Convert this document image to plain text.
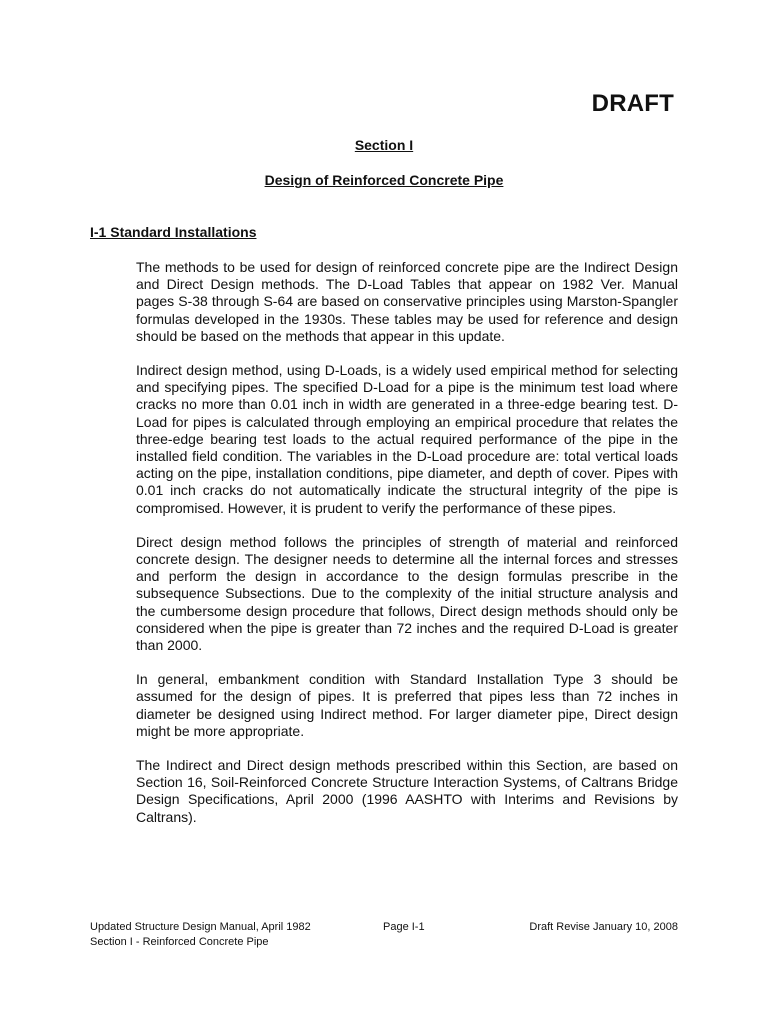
DRAFT
Section I
Design of Reinforced Concrete Pipe
I-1 Standard Installations

The methods to be used for design of reinforced concrete pipe are the Indirect Design and Direct Design methods. The D-Load Tables that appear on 1982 Ver. Manual pages S-38 through S-64 are based on conservative principles using Marston-Spangler formulas developed in the 1930s. These tables may be used for reference and design should be based on the methods that appear in this update.

Indirect design method, using D-Loads, is a widely used empirical method for selecting and specifying pipes. The specified D-Load for a pipe is the minimum test load where cracks no more than 0.01 inch in width are generated in a three-edge bearing test. D-Load for pipes is calculated through employing an empirical procedure that relates the three-edge bearing test loads to the actual required performance of the pipe in the installed field condition. The variables in the D-Load procedure are: total vertical loads acting on the pipe, installation conditions, pipe diameter, and depth of cover. Pipes with 0.01 inch cracks do not automatically indicate the structural integrity of the pipe is compromised. However, it is prudent to verify the performance of these pipes.

Direct design method follows the principles of strength of material and reinforced concrete design. The designer needs to determine all the internal forces and stresses and perform the design in accordance to the design formulas prescribe in the subsequence Subsections. Due to the complexity of the initial structure analysis and the cumbersome design procedure that follows, Direct design methods should only be considered when the pipe is greater than 72 inches and the required D-Load is greater than 2000.

In general, embankment condition with Standard Installation Type 3 should be assumed for the design of pipes. It is preferred that pipes less than 72 inches in diameter be designed using Indirect method. For larger diameter pipe, Direct design might be more appropriate.

The Indirect and Direct design methods prescribed within this Section, are based on Section 16, Soil-Reinforced Concrete Structure Interaction Systems, of Caltrans Bridge Design Specifications, April 2000 (1996 AASHTO with Interims and Revisions by Caltrans).

Updated Structure Design Manual, April 1982	Page I-1	Draft Revise January 10, 2008
Section I - Reinforced Concrete Pipe
